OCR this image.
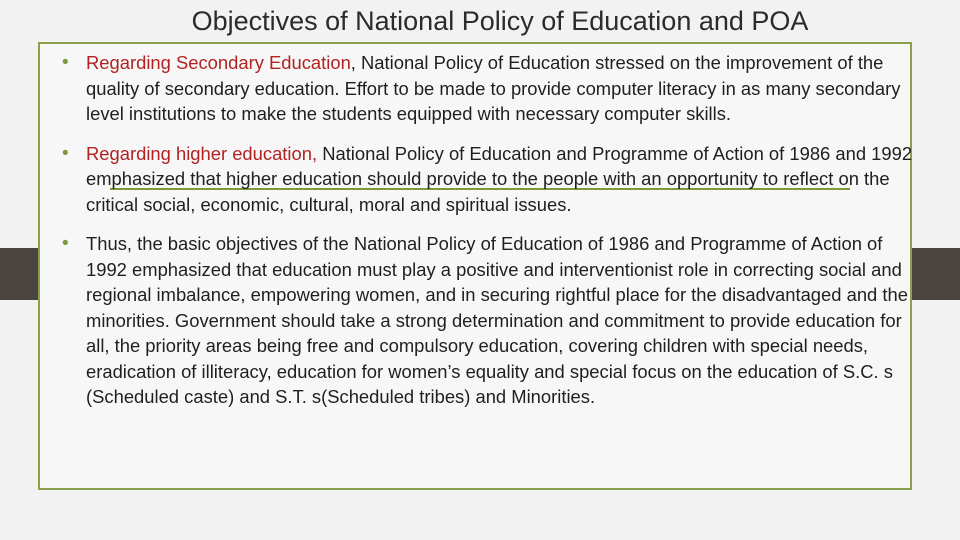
Objectives of National Policy of Education and POA
• Regarding Secondary Education, National Policy of Education stressed on the improvement of the quality of secondary education. Effort to be made to provide computer literacy in as many secondary level institutions to make the students equipped with necessary computer skills.
• Regarding higher education, National Policy of Education and Programme of Action of 1986 and 1992 emphasized that higher education should provide to the people with an opportunity to reflect on the critical social, economic, cultural, moral and spiritual issues.
• Thus, the basic objectives of the National Policy of Education of 1986 and Programme of Action of 1992 emphasized that education must play a positive and interventionist role in correcting social and regional imbalance, empowering women, and in securing rightful place for the disadvantaged and the minorities. Government should take a strong determination and commitment to provide education for all, the priority areas being free and compulsory education, covering children with special needs, eradication of illiteracy, education for women’s equality and special focus on the education of S.C. s (Scheduled caste) and S.T. s(Scheduled tribes) and Minorities.
